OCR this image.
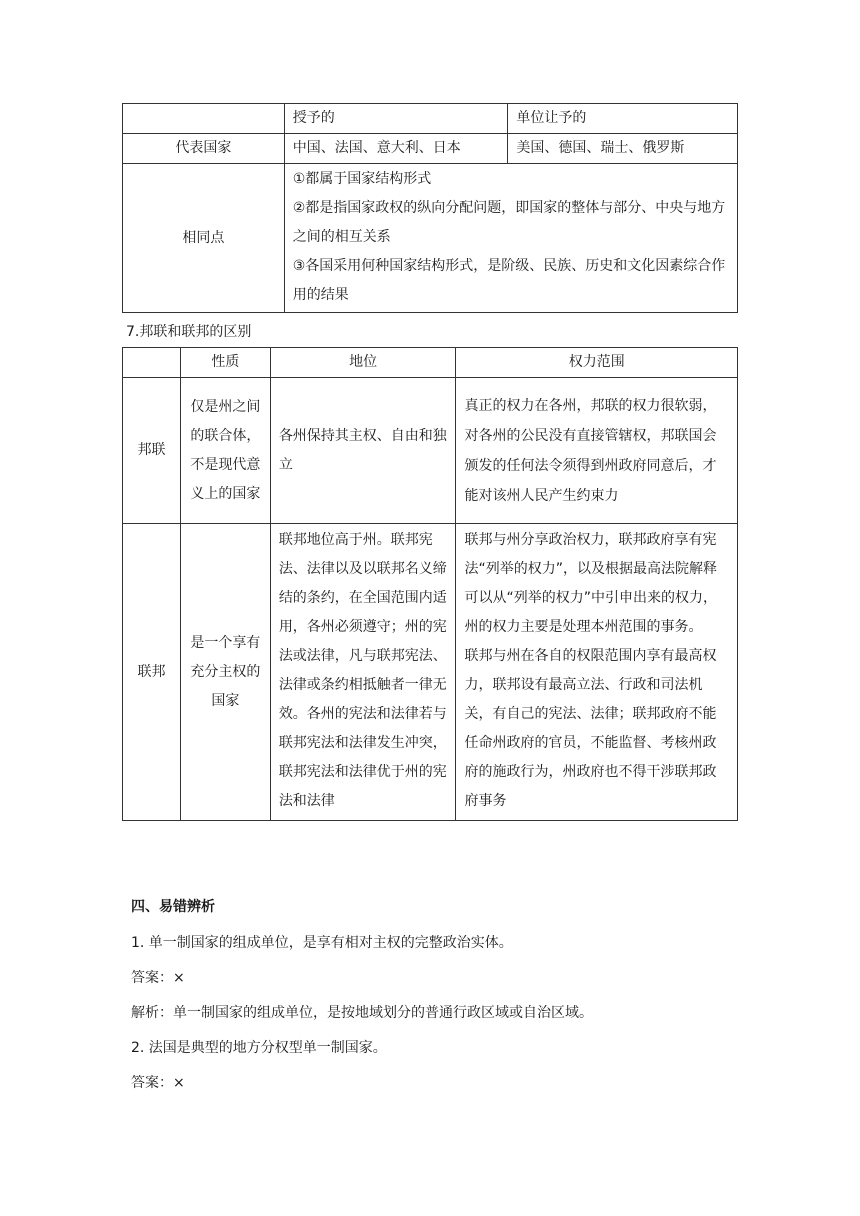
	授予的	单位让予的
代表国家	中国、法国、意大利、日本	美国、德国、瑞士、俄罗斯
相同点	①都属于国家结构形式
②都是指国家政权的纵向分配问题，即国家的整体与部分、中央与地方之间的相互关系
③各国采用何种国家结构形式，是阶级、民族、历史和文化因素综合作用的结果	
7.邦联和联邦的区别
	性质	地位	权力范围
邦联	仅是州之间的联合体，不是现代意义上的国家	各州保持其主权、自由和独立	真正的权力在各州，邦联的权力很软弱，对各州的公民没有直接管辖权，邦联国会颁发的任何法令须得到州政府同意后，才能对该州人民产生约束力
联邦	是一个享有充分主权的国家	联邦地位高于州。联邦宪法、法律以及以联邦名义缔结的条约，在全国范围内适用，各州必须遵守；州的宪法或法律，凡与联邦宪法、法律或条约相抵触者一律无效。各州的宪法和法律若与联邦宪法和法律发生冲突，联邦宪法和法律优于州的宪法和法律	联邦与州分享政治权力，联邦政府享有宪法“列举的权力”，以及根据最高法院解释可以从“列举的权力”中引申出来的权力，州的权力主要是处理本州范围的事务。
联邦与州在各自的权限范围内享有最高权力，联邦设有最高立法、行政和司法机关，有自己的宪法、法律；联邦政府不能任命州政府的官员，不能监督、考核州政府的施政行为，州政府也不得干涉联邦政府事务
四、易错辨析
1. 单一制国家的组成单位，是享有相对主权的完整政治实体。
答案：×
解析：单一制国家的组成单位，是按地域划分的普通行政区域或自治区域。
2. 法国是典型的地方分权型单一制国家。
答案：×
